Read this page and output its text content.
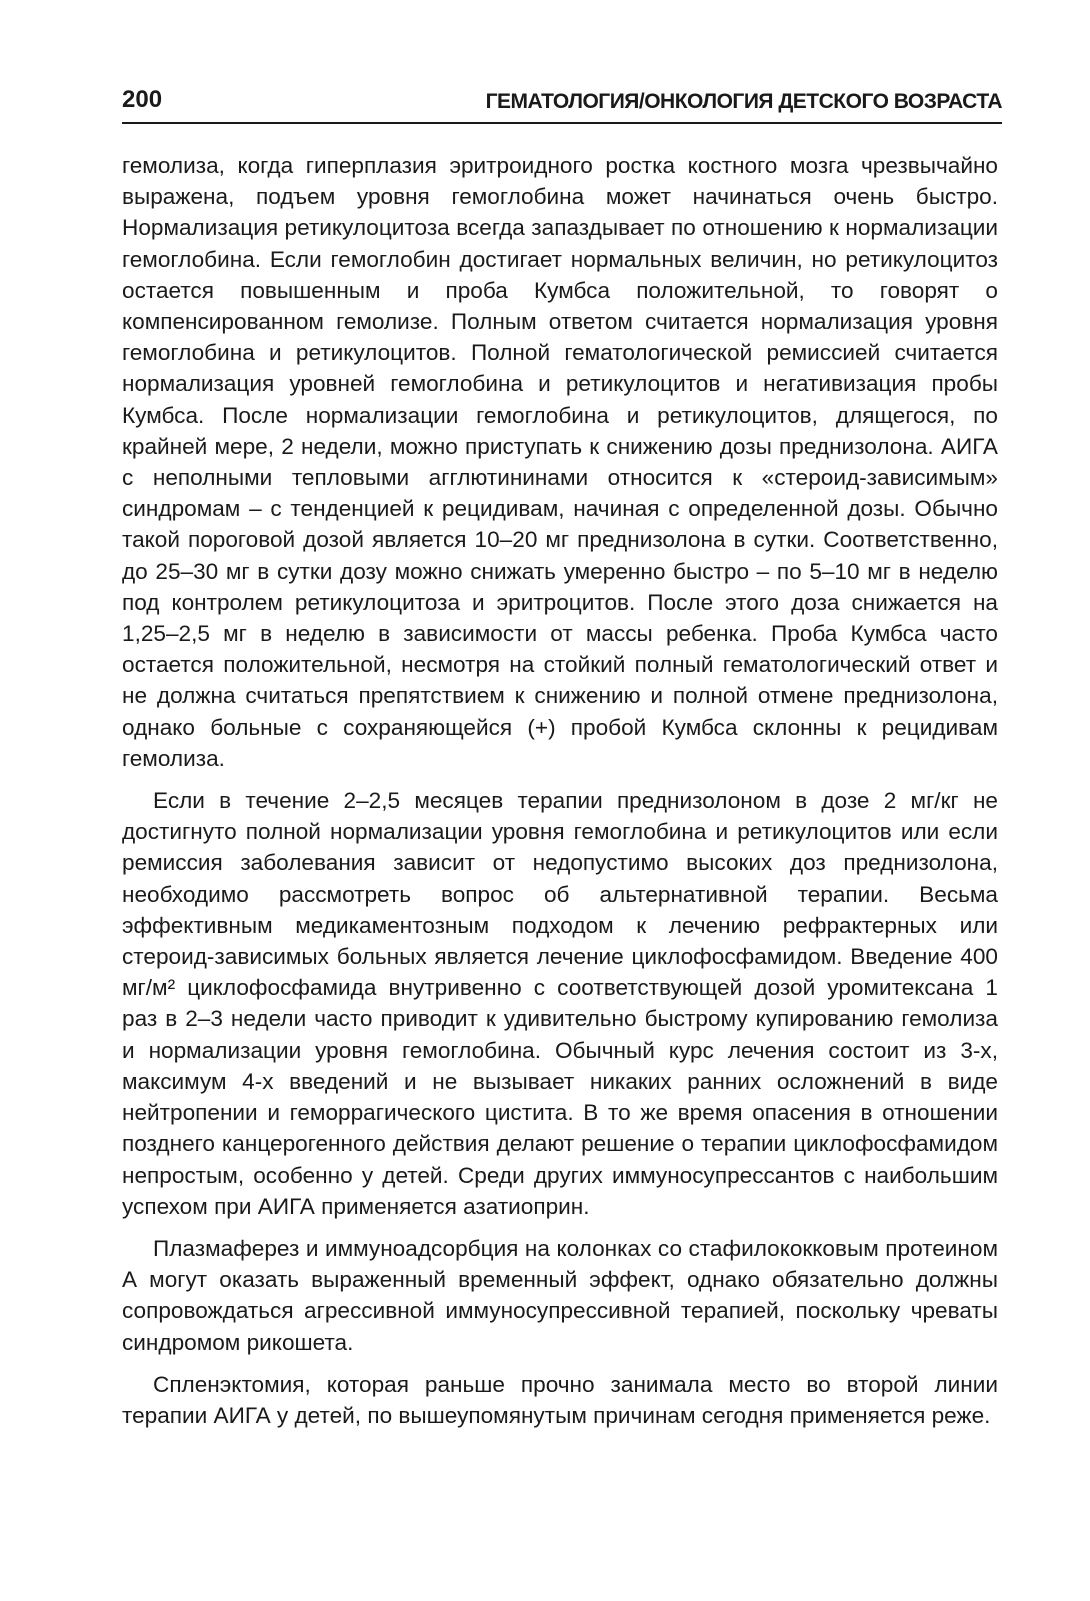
200	ГЕМАТОЛОГИЯ/ОНКОЛОГИЯ ДЕТСКОГО ВОЗРАСТА

гемолиза, когда гиперплазия эритроидного ростка костного мозга чрезвычайно выражена, подъем уровня гемоглобина может начинаться очень быстро. Нормализация ретикулоцитоза всегда запаздывает по отношению к нормализации гемоглобина. Если гемоглобин достигает нормальных величин, но ретикулоцитоз остается повышенным и проба Кумбса положительной, то говорят о компенсированном гемолизе. Полным ответом считается нормализация уровня гемоглобина и ретикулоцитов. Полной гематологической ремиссией считается нормализация уровней гемоглобина и ретикулоцитов и негативизация пробы Кумбса. После нормализации гемоглобина и ретикулоцитов, длящегося, по крайней мере, 2 недели, можно приступать к снижению дозы преднизолона. АИГА с неполными тепловыми агглютининами относится к «стероид-зависимым» синдромам – с тенденцией к рецидивам, начиная с определенной дозы. Обычно такой пороговой дозой является 10–20 мг преднизолона в сутки. Соответственно, до 25–30 мг в сутки дозу можно снижать умеренно быстро – по 5–10 мг в неделю под контролем ретикулоцитоза и эритроцитов. После этого доза снижается на 1,25–2,5 мг в неделю в зависимости от массы ребенка. Проба Кумбса часто остается положительной, несмотря на стойкий полный гематологический ответ и не должна считаться препятствием к снижению и полной отмене преднизолона, однако больные с сохраняющейся (+) пробой Кумбса склонны к рецидивам гемолиза.

Если в течение 2–2,5 месяцев терапии преднизолоном в дозе 2 мг/кг не достигнуто полной нормализации уровня гемоглобина и ретикулоцитов или если ремиссия заболевания зависит от недопустимо высоких доз преднизолона, необходимо рассмотреть вопрос об альтернативной терапии. Весьма эффективным медикаментозным подходом к лечению рефрактерных или стероид-зависимых больных является лечение циклофосфамидом. Введение 400 мг/м² циклофосфамида внутривенно с соответствующей дозой уромитексана 1 раз в 2–3 недели часто приводит к удивительно быстрому купированию гемолиза и нормализации уровня гемоглобина. Обычный курс лечения состоит из 3-х, максимум 4-х введений и не вызывает никаких ранних осложнений в виде нейтропении и геморрагического цистита. В то же время опасения в отношении позднего канцерогенного действия делают решение о терапии циклофосфамидом непростым, особенно у детей. Среди других иммуносупрессантов с наибольшим успехом при АИГА применяется азатиоприн.

Плазмаферез и иммуноадсорбция на колонках со стафилококковым протеином А могут оказать выраженный временный эффект, однако обязательно должны сопровождаться агрессивной иммуносупрессивной терапией, поскольку чреваты синдромом рикошета.

Спленэктомия, которая раньше прочно занимала место во второй линии терапии АИГА у детей, по вышеупомянутым причинам сегодня применяется реже.
